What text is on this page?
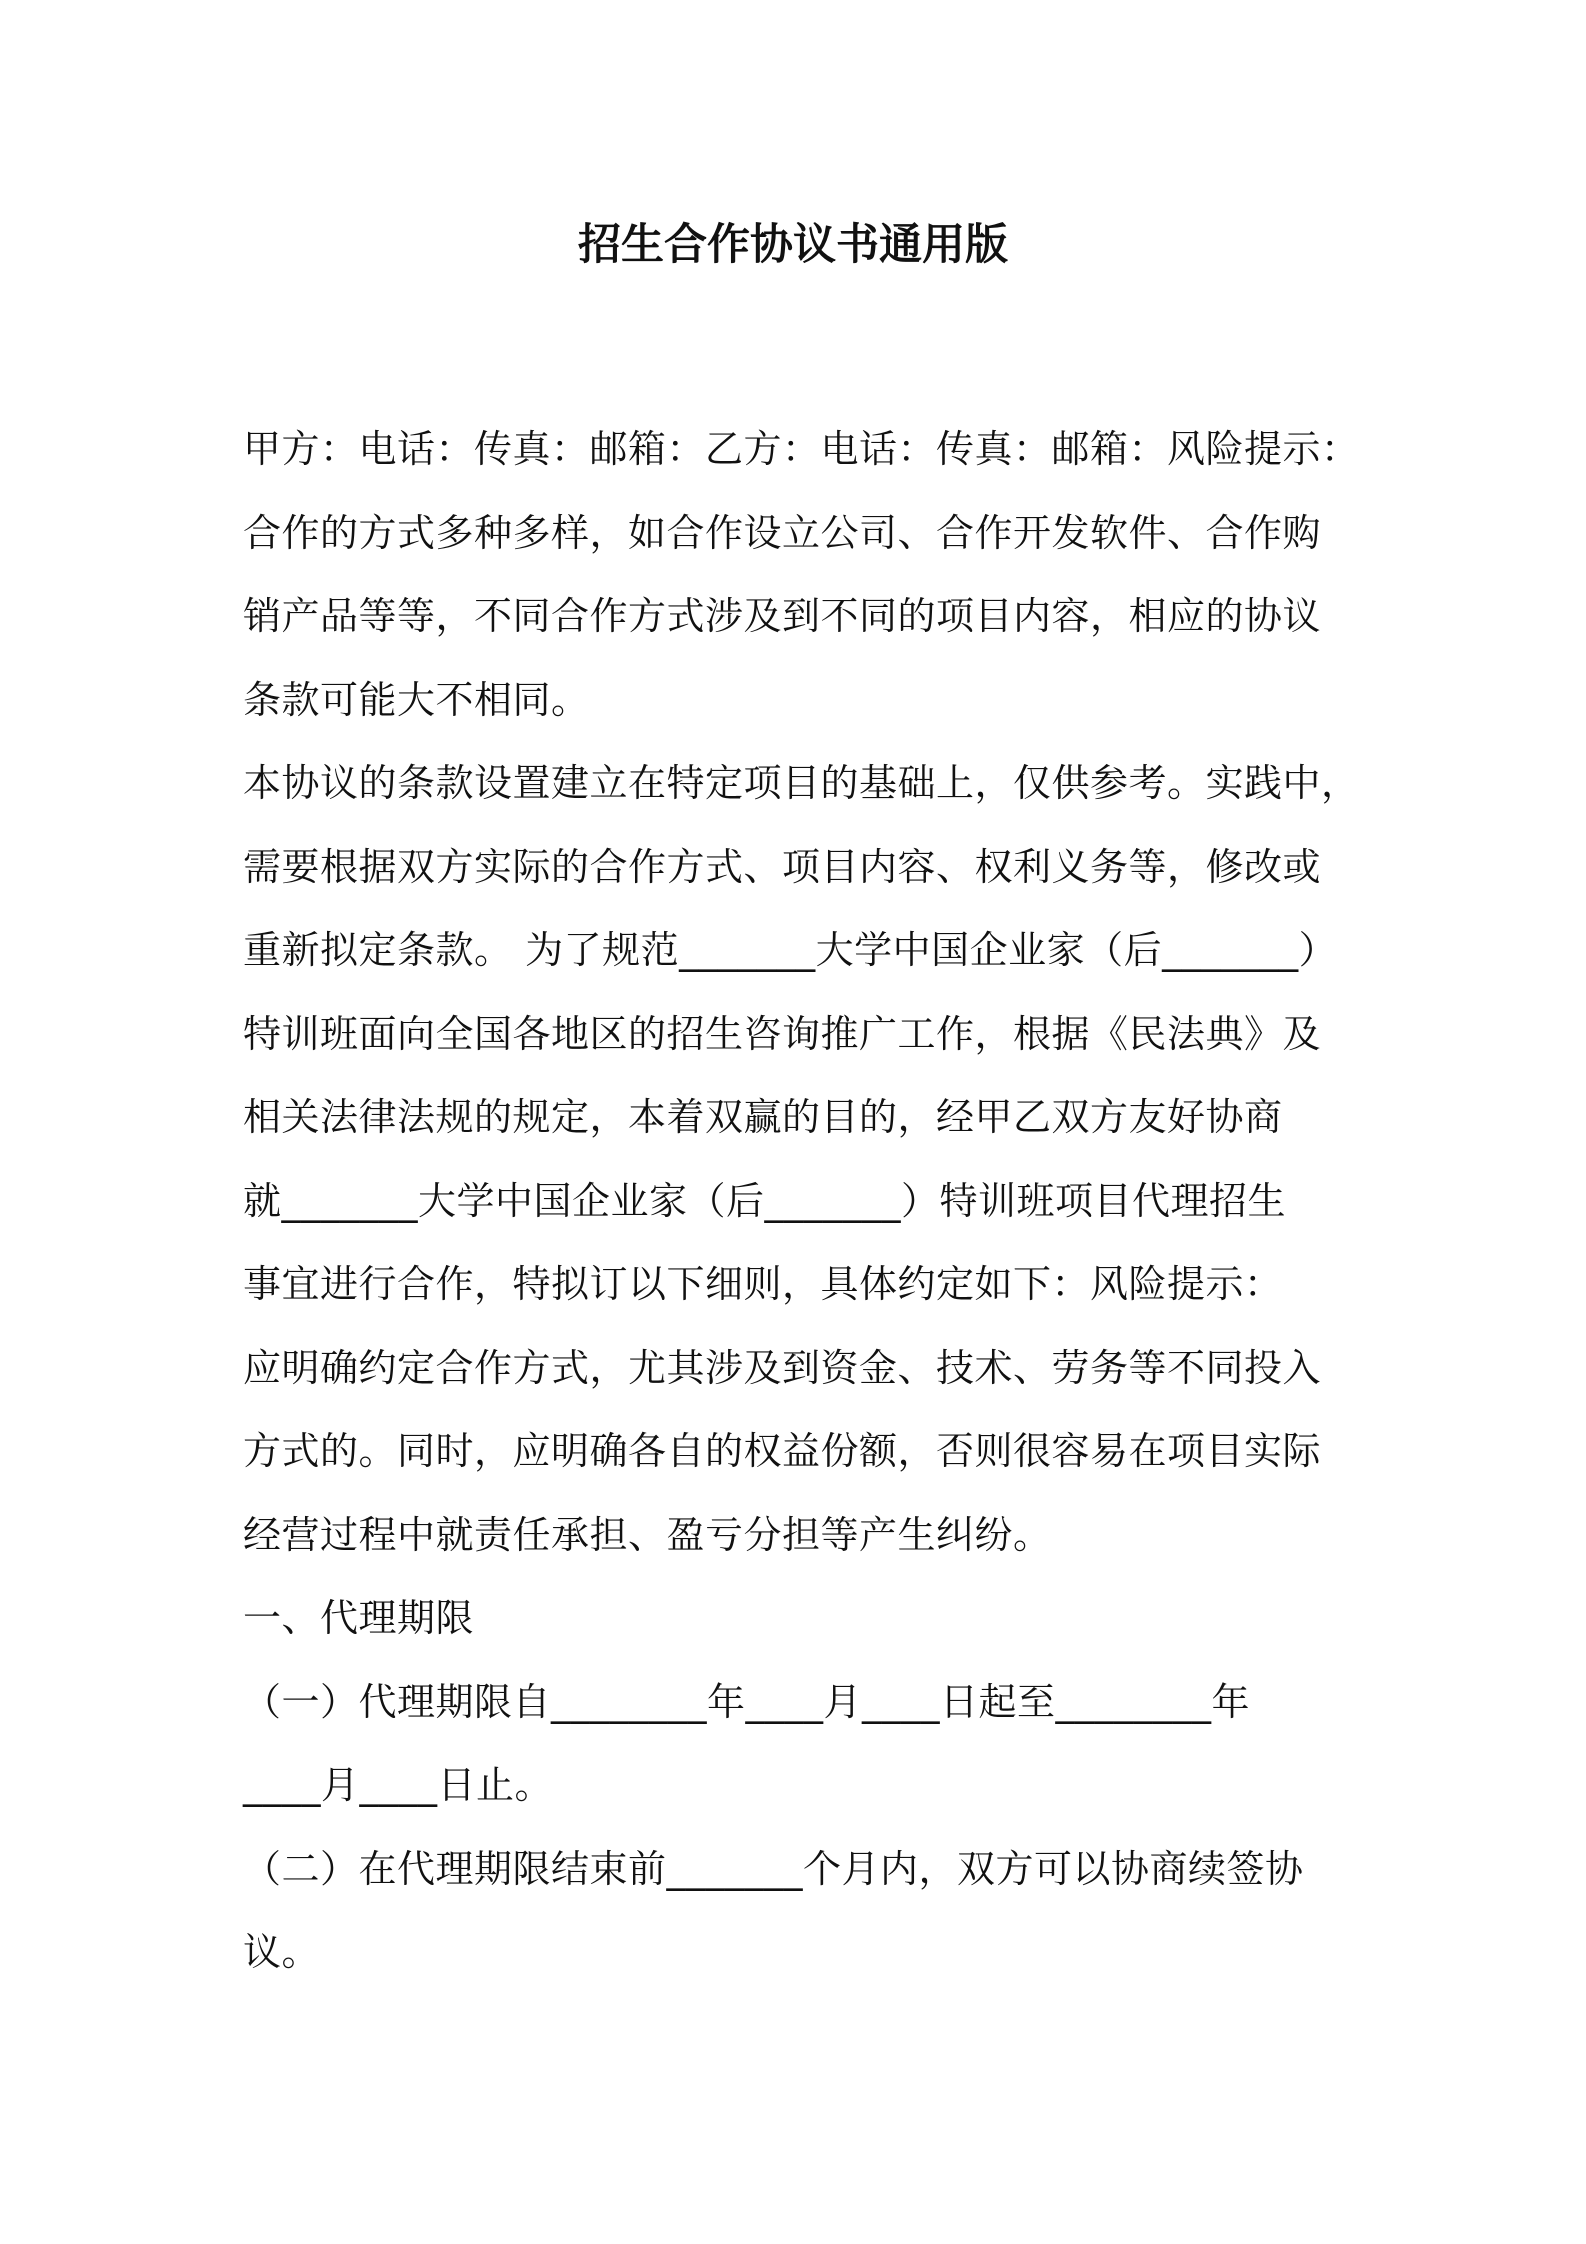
招生合作协议书通用版
甲方：电话：传真：邮箱：乙方：电话：传真：邮箱：风险提示：
合作的方式多种多样，如合作设立公司、合作开发软件、合作购
销产品等等，不同合作方式涉及到不同的项目内容，相应的协议
条款可能大不相同。
本协议的条款设置建立在特定项目的基础上，仅供参考。实践中，
需要根据双方实际的合作方式、项目内容、权利义务等，修改或
重新拟定条款。 为了规范_______大学中国企业家（后_______）
特训班面向全国各地区的招生咨询推广工作，根据《民法典》及
相关法律法规的规定，本着双赢的目的，经甲乙双方友好协商
就_______大学中国企业家（后_______）特训班项目代理招生
事宜进行合作，特拟订以下细则，具体约定如下：风险提示：
应明确约定合作方式，尤其涉及到资金、技术、劳务等不同投入
方式的。同时，应明确各自的权益份额，否则很容易在项目实际
经营过程中就责任承担、盈亏分担等产生纠纷。
一、代理期限
（一）代理期限自________年____月____日起至________年
____月____日止。
（二）在代理期限结束前_______个月内，双方可以协商续签协
议。
